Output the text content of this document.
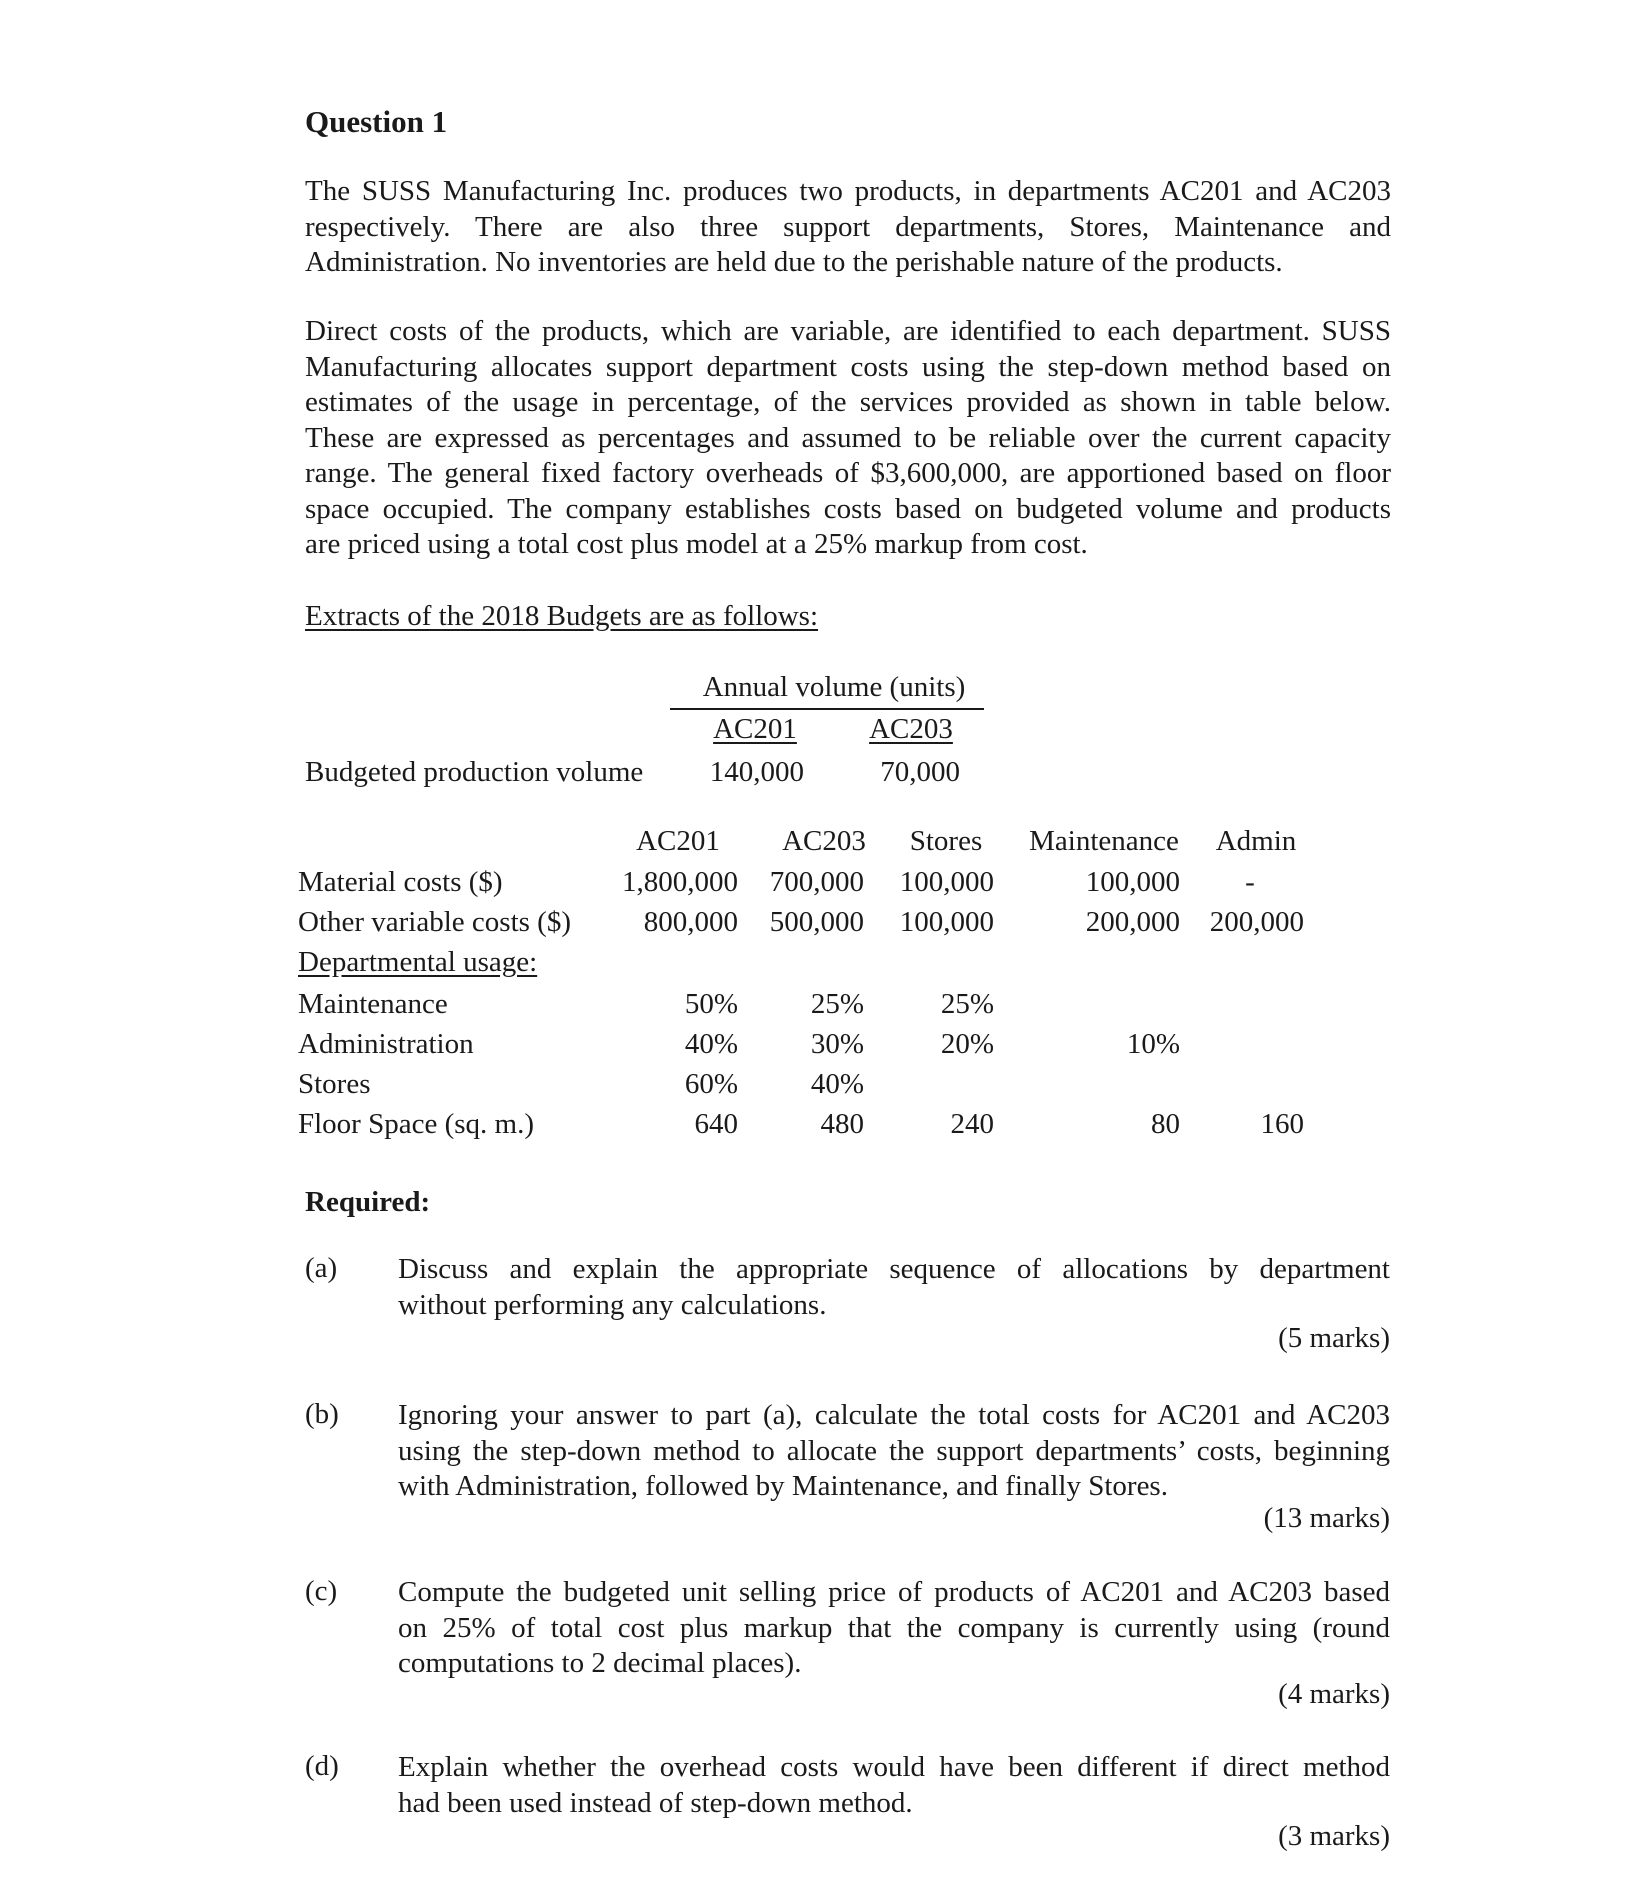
Question 1
The SUSS Manufacturing Inc. produces two products, in departments AC201 and AC203
respectively. There are also three support departments, Stores, Maintenance and
Administration. No inventories are held due to the perishable nature of the products.
Direct costs of the products, which are variable, are identified to each department. SUSS
Manufacturing allocates support department costs using the step-down method based on
estimates of the usage in percentage, of the services provided as shown in table below.
These are expressed as percentages and assumed to be reliable over the current capacity
range. The general fixed factory overheads of $3,600,000, are apportioned based on floor
space occupied. The company establishes costs based on budgeted volume and products
are priced using a total cost plus model at a 25% markup from cost.
Extracts of the 2018 Budgets are as follows:
Annual volume (units)
AC201	AC203
Budgeted production volume	140,000	70,000
AC201	AC203	Stores	Maintenance	Admin
Material costs ($)	1,800,000	700,000	100,000	100,000	-
Other variable costs ($)	800,000	500,000	100,000	200,000	200,000
Departmental usage:
Maintenance	50%	25%	25%
Administration	40%	30%	20%	10%
Stores	60%	40%
Floor Space (sq. m.)	640	480	240	80	160
Required:
(a) Discuss and explain the appropriate sequence of allocations by department
without performing any calculations.
(5 marks)
(b) Ignoring your answer to part (a), calculate the total costs for AC201 and AC203
using the step-down method to allocate the support departments’ costs, beginning
with Administration, followed by Maintenance, and finally Stores.
(13 marks)
(c) Compute the budgeted unit selling price of products of AC201 and AC203 based
on 25% of total cost plus markup that the company is currently using (round
computations to 2 decimal places).
(4 marks)
(d) Explain whether the overhead costs would have been different if direct method
had been used instead of step-down method.
(3 marks)
